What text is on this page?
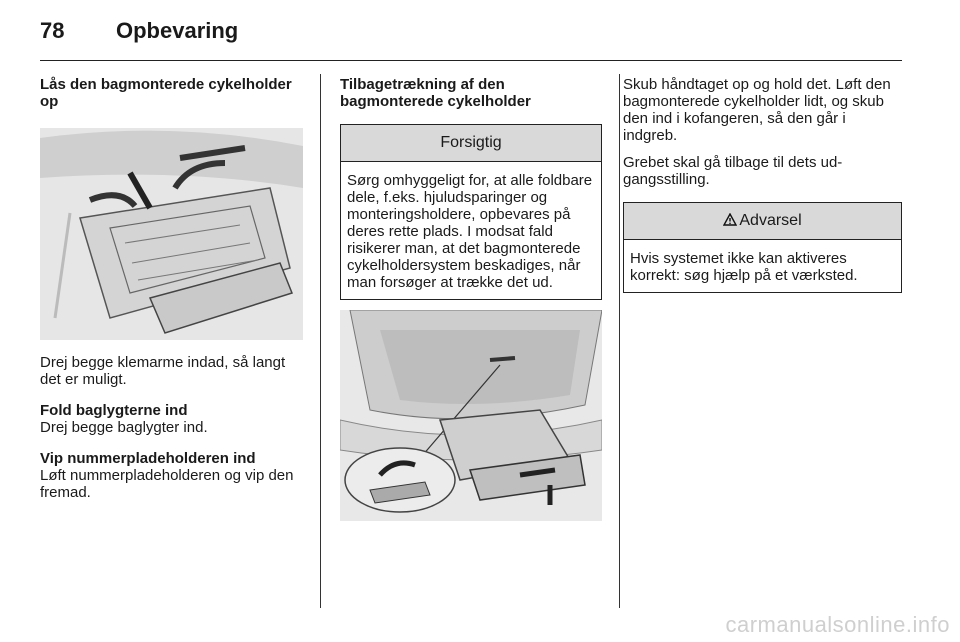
78	Opbevaring

Lås den bagmonterede cykelholder op

Drej begge klemarme indad, så langt det er muligt.

Fold baglygterne ind

Drej begge baglygter ind.

Vip nummerpladeholderen ind

Løft nummerpladeholderen og vip den fremad.

Tilbagetrækning af den bagmonterede cykelholder

Forsigtig
Sørg omhyggeligt for, at alle foldbare dele, f.eks. hjuludsparinger og monteringsholdere, opbevares på deres rette plads. I modsat fald risikerer man, at det bagmonterede cykelholdersystem beskadiges, når man forsøger at trække det ud.

Skub håndtaget op og hold det. Løft den bagmonterede cykelholder lidt, og skub den ind i kofangeren, så den går i indgreb.

Grebet skal gå tilbage til dets udgangsstilling.

Advarsel
Hvis systemet ikke kan aktiveres korrekt: søg hjælp på et værksted.
carmanualsonline.info
